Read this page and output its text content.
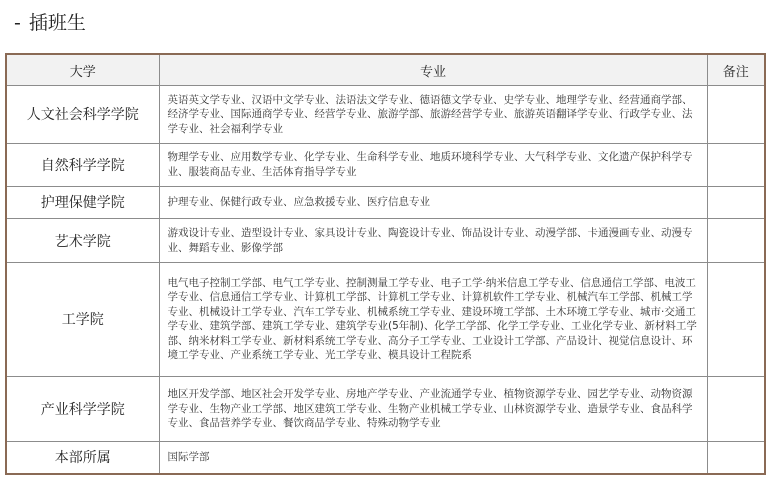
- 插班生
大学	专业	备注
人文社会科学学院	英语英文学专业、汉语中文学专业、法语法文学专业、德语德文学专业、史学专业、地理学专业、经营通商学部、经济学专业、国际通商学专业、经营学专业、旅游学部、旅游经营学专业、旅游英语翻译学专业、行政学专业、法学专业、社会福利学专业	
自然科学学院	物理学专业、应用数学专业、化学专业、生命科学专业、地质环境科学专业、大气科学专业、文化遗产保护科学专业、服装商品专业、生活体育指导学专业	
护理保健学院	护理专业、保健行政专业、应急救援专业、医疗信息专业	
艺术学院	游戏设计专业、造型设计专业、家具设计专业、陶瓷设计专业、饰品设计专业、动漫学部、卡通漫画专业、动漫专业、舞蹈专业、影像学部	
工学院	电气电子控制工学部、电气工学专业、控制测量工学专业、电子工学·纳米信息工学专业、信息通信工学部、电波工学专业、信息通信工学专业、计算机工学部、计算机工学专业、计算机软件工学专业、机械汽车工学部、机械工学专业、机械设计工学专业、汽车工学专业、机械系统工学专业、建设环境工学部、土木环境工学专业、城市·交通工学专业、建筑学部、建筑工学专业、建筑学专业(5年制)、化学工学部、化学工学专业、工业化学专业、新材料工学部、纳米材料工学专业、新材料系统工学专业、高分子工学专业、工业设计工学部、产品设计、视觉信息设计、环境工学专业、产业系统工学专业、光工学专业、模具设计工程院系	
产业科学学院	地区开发学部、地区社会开发学专业、房地产学专业、产业流通学专业、植物资源学专业、园艺学专业、动物资源学专业、生物产业工学部、地区建筑工学专业、生物产业机械工学专业、山林资源学专业、造景学专业、食品科学专业、食品营养学专业、餐饮商品学专业、特殊动物学专业	
本部所属	国际学部	
